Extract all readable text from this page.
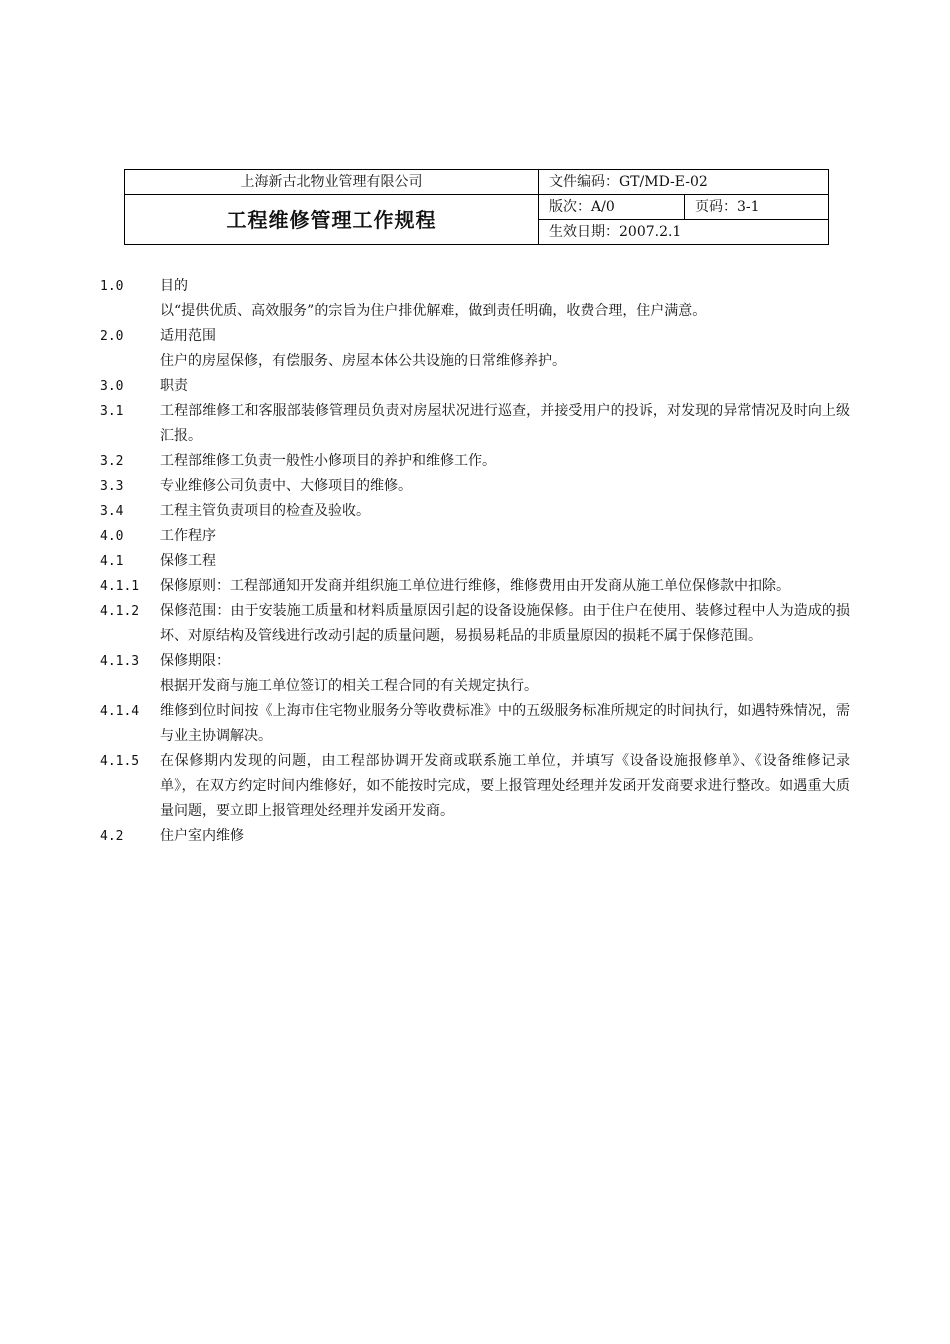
上海新古北物业管理有限公司	文件编码：GT/MD-E-02	
工程维修管理工作规程	版次：A/0	页码：3-1
	生效日期：2007.2.1	
1.0	目的
以“提供优质、高效服务”的宗旨为住户排优解难，做到责任明确，收费合理，住户满意。
2.0	适用范围
住户的房屋保修，有偿服务、房屋本体公共设施的日常维修养护。
3.0	职责
3.1	工程部维修工和客服部装修管理员负责对房屋状况进行巡查，并接受用户的投诉，对发现的异常情况及时向上级汇报。
3.2	工程部维修工负责一般性小修项目的养护和维修工作。
3.3	专业维修公司负责中、大修项目的维修。
3.4	工程主管负责项目的检查及验收。
4.0	工作程序
4.1	保修工程
4.1.1	保修原则：工程部通知开发商并组织施工单位进行维修，维修费用由开发商从施工单位保修款中扣除。
4.1.2	保修范围：由于安装施工质量和材料质量原因引起的设备设施保修。由于住户在使用、装修过程中人为造成的损坏、对原结构及管线进行改动引起的质量问题，易损易耗品的非质量原因的损耗不属于保修范围。
4.1.3	保修期限：
根据开发商与施工单位签订的相关工程合同的有关规定执行。
4.1.4	维修到位时间按《上海市住宅物业服务分等收费标准》中的五级服务标准所规定的时间执行，如遇特殊情况，需与业主协调解决。
4.1.5	在保修期内发现的问题，由工程部协调开发商或联系施工单位，并填写《设备设施报修单》、《设备维修记录单》，在双方约定时间内维修好，如不能按时完成，要上报管理处经理并发函开发商要求进行整改。如遇重大质量问题，要立即上报管理处经理并发函开发商。
4.2	住户室内维修
